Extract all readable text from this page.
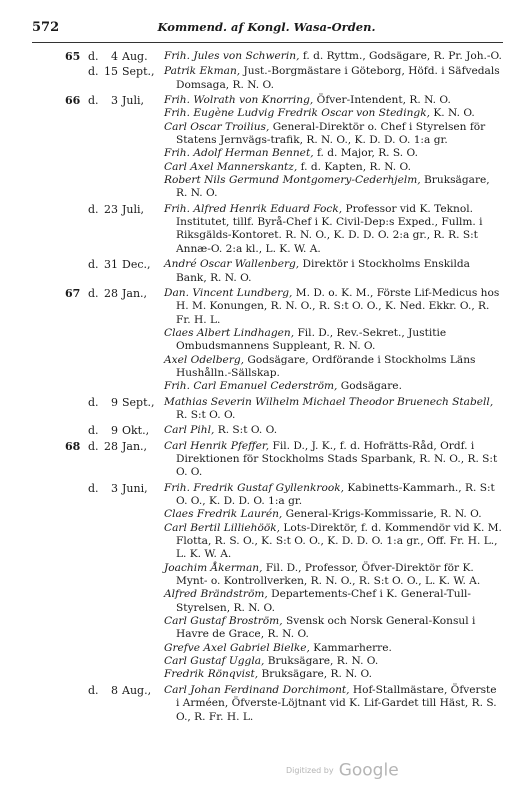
572	Kommend. af Kongl. Wasa-Orden.
65 d.	4 Aug. Frih. Jules von Schwerin, f. d. Ryttm., Godsägare, R. Pr. Joh.-O.
d. 15 Sept., Patrik Ekman, Just.-Borgmästare i Göteborg, Höfd. i Säfvedals Domsaga, R. N. O.
66 d.	3 Juli, Frih. Wolrath von Knorring, Öfver-Intendent, R. N. O.
Frih. Eugène Ludvig Fredrik Oscar von Stedingk, K. N. O.
Carl Oscar Troilius, General-Direktör o. Chef i Styrelsen för Statens Jernvägs-trafik, R. N. O., K. D. D. O. 1:a gr.
Frih. Adolf Herman Bennet, f. d. Major, R. S. O.
Carl Axel Mannerskantz, f. d. Kapten, R. N. O.
Robert Nils Germund Montgomery-Cederhjelm, Bruksägare, R. N. O.
d. 23 Juli, Frih. Alfred Henrik Eduard Fock, Professor vid K. Teknol. Institutet, tillf. Byrå-Chef i K. Civil-Dep:s Exped., Fullm. i Riksgälds-Kontoret. R. N. O., K. D. D. O. 2:a gr., R. R. S:t Annæ-O. 2:a kl., L. K. W. A.
d. 31 Dec., André Oscar Wallenberg, Direktör i Stockholms Enskilda Bank, R. N. O.
67 d. 28 Jan., Dan. Vincent Lundberg, M. D. o. K. M., Förste Lif-Medicus hos H. M. Konungen, R. N. O., R. S:t O. O., K. Ned. Ekkr. O., R. Fr. H. L.
Claes Albert Lindhagen, Fil. D., Rev.-Sekret., Justitie Ombudsmannens Suppleant, R. N. O.
Axel Odelberg, Godsägare, Ordförande i Stockholms Läns Hushålln.-Sällskap.
Frih. Carl Emanuel Cederström, Godsägare.
d.	9 Sept., Mathias Severin Wilhelm Michael Theodor Bruenech Stabell, R. S:t O. O.
d.	9 Okt., Carl Pihl, R. S:t O. O.
68 d. 28 Jan., Carl Henrik Pfeffer, Fil. D., J. K., f. d. Hofrätts-Råd, Ordf. i Direktionen för Stockholms Stads Sparbank, R. N. O., R. S:t O. O.
d.	3 Juni, Frih. Fredrik Gustaf Gyllenkrook, Kabinetts-Kammarh., R. S:t O. O., K. D. D. O. 1:a gr.
Claes Fredrik Laurén, General-Krigs-Kommissarie, R. N. O.
Carl Bertil Lilliehöök, Lots-Direktör, f. d. Kommendör vid K. M. Flotta, R. S. O., K. S:t O. O., K. D. D. O. 1:a gr., Off. Fr. H. L., L. K. W. A.
Joachim Åkerman, Fil. D., Professor, Öfver-Direktör för K. Mynt- o. Kontrollverken, R. N. O., R. S:t O. O., L. K. W. A.
Alfred Brändström, Departements-Chef i K. General-Tull-Styrelsen, R. N. O.
Carl Gustaf Broström, Svensk och Norsk General-Konsul i Havre de Grace, R. N. O.
Grefve Axel Gabriel Bielke, Kammarherre.
Carl Gustaf Uggla, Bruksägare, R. N. O.
Fredrik Rönqvist, Bruksägare, R. N. O.
d.	8 Aug., Carl Johan Ferdinand Dorchimont, Hof-Stallmästare, Öfverste i Arméen, Öfverste-Löjtnant vid K. Lif-Gardet till Häst, R. S. O., R. Fr. H. L.
Digitized by Google
